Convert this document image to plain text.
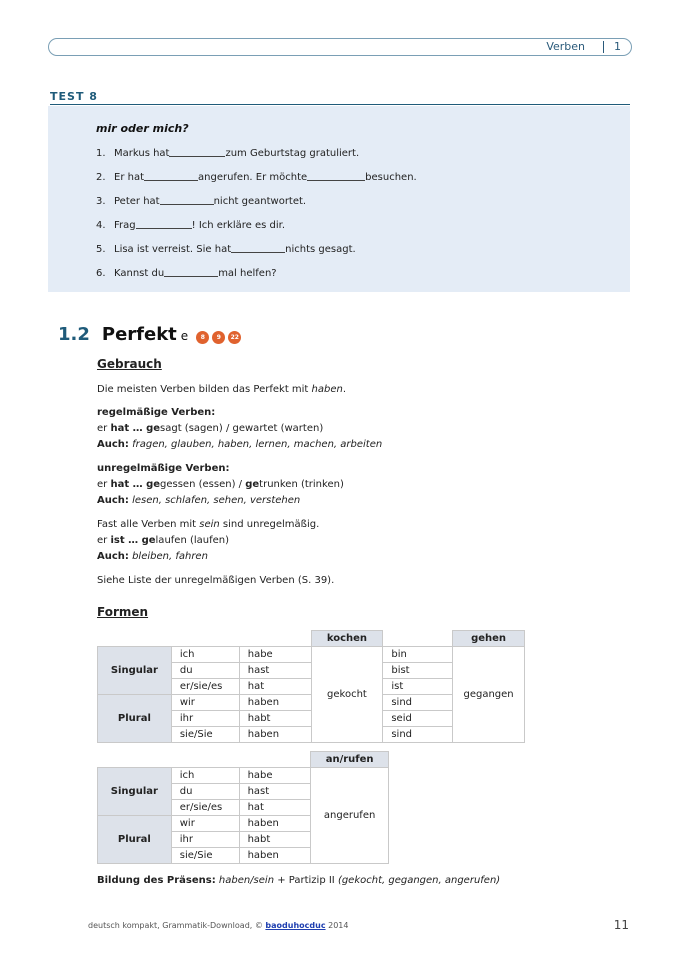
Verben	1
TEST 8
mir oder mich?
1. Markus hat	zum Geburtstag gratuliert.
2. Er hat	angerufen. Er möchte	besuchen.
3. Peter hat	nicht geantwortet.
4. Frag	! Ich erkläre es dir.
5. Lisa ist verreist. Sie hat	nichts gesagt.
6. Kannst du	mal helfen?
1.2 Perfekt e 8 9 22
Gebrauch
Die meisten Verben bilden das Perfekt mit haben.
regelmäßige Verben:
er hat … gesagt (sagen) / gewartet (warten)
Auch: fragen, glauben, haben, lernen, machen, arbeiten
unregelmäßige Verben:
er hat … gegessen (essen) / getrunken (trinken)
Auch: lesen, schlafen, sehen, verstehen
Fast alle Verben mit sein sind unregelmäßig.
er ist … gelaufen (laufen)
Auch: bleiben, fahren
Siehe Liste der unregelmäßigen Verben (S. 39).
Formen
			kochen		gehen
Singular	ich	habe	gekocht	bin	gegangen
	du	hast		bist	
	er/sie/es	hat		ist	
Plural	wir	haben		sind	
	ihr	habt		seid	
	sie/Sie	haben		sind	
			an/rufen
Singular	ich	habe	angerufen
	du	hast	
	er/sie/es	hat	
Plural	wir	haben	
	ihr	habt	
	sie/Sie	haben	
Bildung des Präsens: haben/sein + Partizip II (gekocht, gegangen, angerufen)
deutsch kompakt, Grammatik-Download, © baoduhocduc 2014	11
